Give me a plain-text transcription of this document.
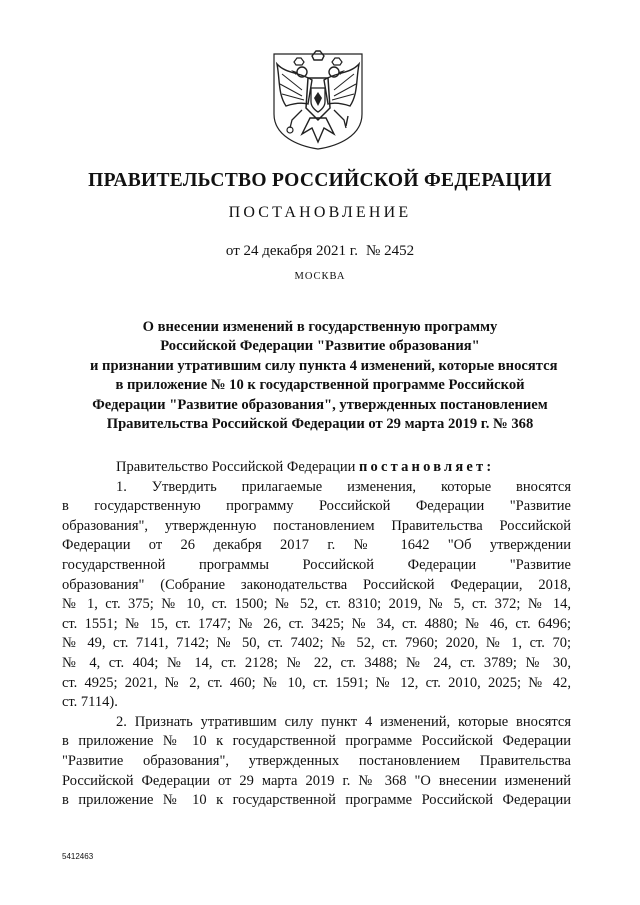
ПРАВИТЕЛЬСТВО РОССИЙСКОЙ ФЕДЕРАЦИИ
ПОСТАНОВЛЕНИЕ
от 24 декабря 2021 г. № 2452
МОСКВА
О внесении изменений в государственную программу
Российской Федерации "Развитие образования"
и признании утратившим силу пункта 4 изменений, которые вносятся
в приложение № 10 к государственной программе Российской
Федерации "Развитие образования", утвержденных постановлением
Правительства Российской Федерации от 29 марта 2019 г. № 368
Правительство Российской Федерации постановляет:
1. Утвердить прилагаемые изменения, которые вносятся
в государственную программу Российской Федерации "Развитие
образования", утвержденную постановлением Правительства Российской
Федерации от 26 декабря 2017 г. № 1642 "Об утверждении
государственной программы Российской Федерации "Развитие
образования" (Собрание законодательства Российской Федерации, 2018,
№ 1, ст. 375; № 10, ст. 1500; № 52, ст. 8310; 2019, № 5, ст. 372; № 14,
ст. 1551; № 15, ст. 1747; № 26, ст. 3425; № 34, ст. 4880; № 46, ст. 6496;
№ 49, ст. 7141, 7142; № 50, ст. 7402; № 52, ст. 7960; 2020, № 1, ст. 70;
№ 4, ст. 404; № 14, ст. 2128; № 22, ст. 3488; № 24, ст. 3789; № 30,
ст. 4925; 2021, № 2, ст. 460; № 10, ст. 1591; № 12, ст. 2010, 2025; № 42,
ст. 7114).
2. Признать утратившим силу пункт 4 изменений, которые вносятся
в приложение № 10 к государственной программе Российской Федерации
"Развитие образования", утвержденных постановлением Правительства
Российской Федерации от 29 марта 2019 г. № 368 "О внесении изменений
в приложение № 10 к государственной программе Российской Федерации
5412463
